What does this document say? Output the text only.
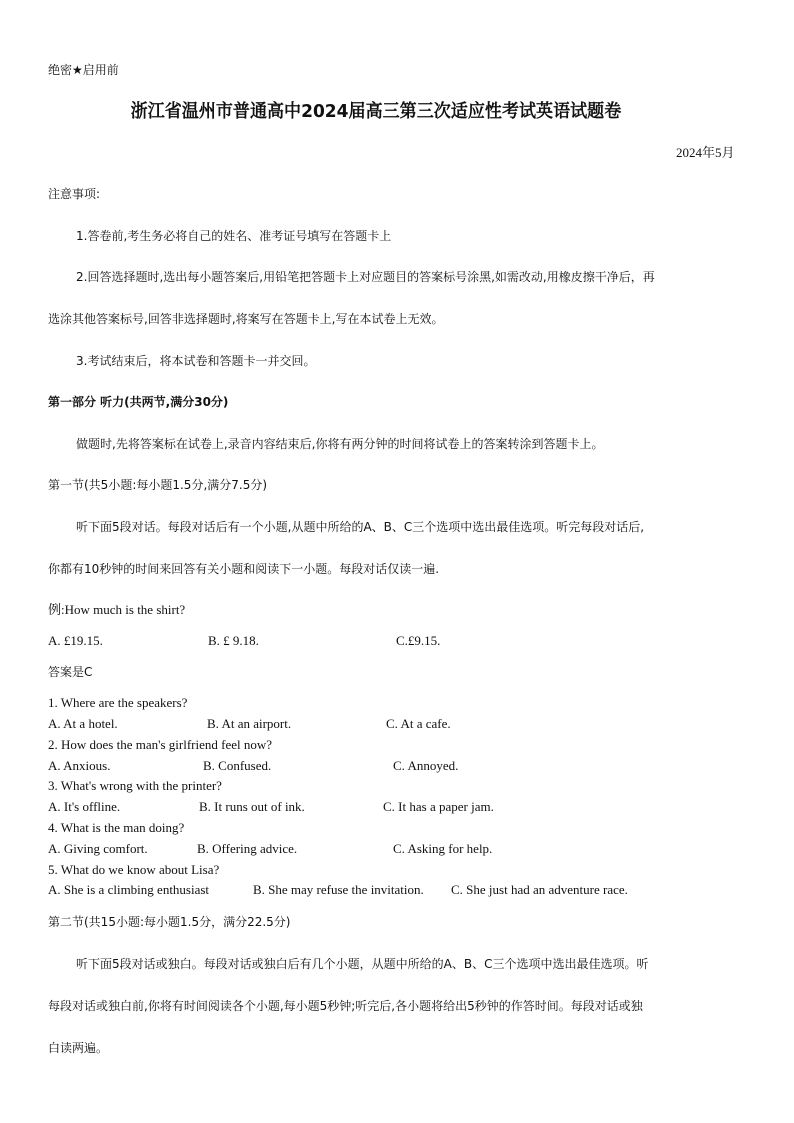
绝密★启用前
浙江省温州市普通高中2024届高三第三次适应性考试英语试题卷
2024年5月
注意事项:
1.答卷前,考生务必将自己的姓名、准考证号填写在答题卡上
2.回答选择题时,选出每小题答案后,用铅笔把答题卡上对应题目的答案标号涂黑,如需改动,用橡皮擦干净后，再
选涂其他答案标号,回答非选择题时,将案写在答题卡上,写在本试卷上无效。
3.考试结束后，将本试卷和答题卡一并交回。
第一部分 听力(共两节,满分30分)
做题时,先将答案标在试卷上,录音内容结束后,你将有两分钟的时间将试卷上的答案转涂到答题卡上。
第一节(共5小题:每小题1.5分,满分7.5分)
听下面5段对话。每段对话后有一个小题,从题中所给的A、B、C三个选项中选出最佳选项。听完每段对话后,
你都有10秒钟的时间来回答有关小题和阅读下一小题。每段对话仅读一遍.
例:How much is the shirt?
A. £19.15.	B. £ 9.18.	C.£9.15.
答案是C
1. Where are the speakers?
A. At a hotel.	B. At an airport.	C. At a cafe.
2. How does the man's girlfriend feel now?
A. Anxious.	B. Confused.	C. Annoyed.
3. What's wrong with the printer?
A. It's offline.	B. It runs out of ink.	C. It has a paper jam.
4. What is the man doing?
A. Giving comfort.	B. Offering advice.	C. Asking for help.
5. What do we know about Lisa?
A. She is a climbing enthusiast	B. She may refuse the invitation. C. She just had an adventure race.
第二节(共15小题:每小题1.5分，满分22.5分)
听下面5段对话或独白。每段对话或独白后有几个小题，从题中所给的A、B、C三个选项中选出最佳选项。听
每段对话或独白前,你将有时间阅读各个小题,每小题5秒钟;听完后,各小题将给出5秒钟的作答时间。每段对话或独
白读两遍。
